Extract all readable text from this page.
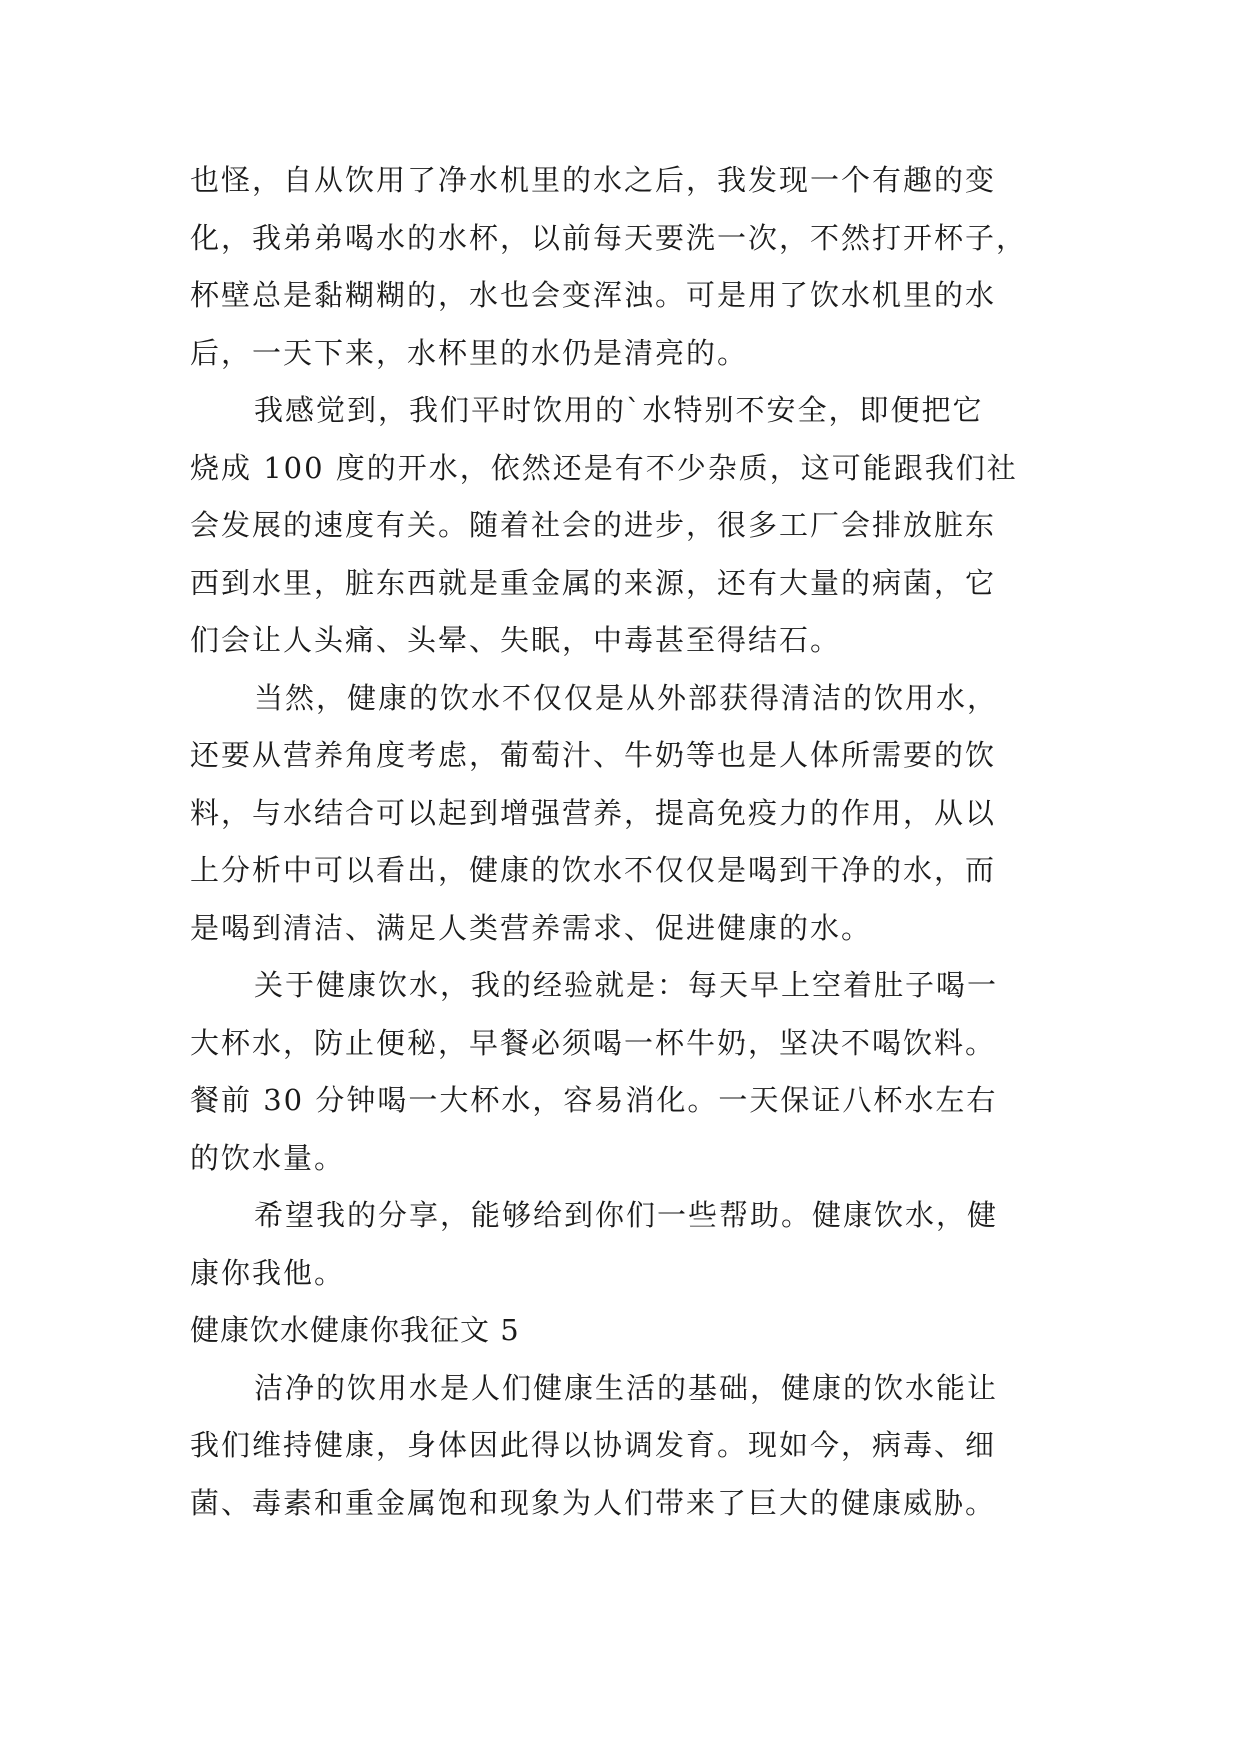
也怪，自从饮用了净水机里的水之后，我发现一个有趣的变
化，我弟弟喝水的水杯，以前每天要洗一次，不然打开杯子，
杯壁总是黏糊糊的，水也会变浑浊。可是用了饮水机里的水
后，一天下来，水杯里的水仍是清亮的。
我感觉到，我们平时饮用的`水特别不安全，即便把它
烧成 100 度的开水，依然还是有不少杂质，这可能跟我们社
会发展的速度有关。随着社会的进步，很多工厂会排放脏东
西到水里，脏东西就是重金属的来源，还有大量的病菌，它
们会让人头痛、头晕、失眠，中毒甚至得结石。
当然，健康的饮水不仅仅是从外部获得清洁的饮用水，
还要从营养角度考虑，葡萄汁、牛奶等也是人体所需要的饮
料，与水结合可以起到增强营养，提高免疫力的作用，从以
上分析中可以看出，健康的饮水不仅仅是喝到干净的水，而
是喝到清洁、满足人类营养需求、促进健康的水。
关于健康饮水，我的经验就是：每天早上空着肚子喝一
大杯水，防止便秘，早餐必须喝一杯牛奶，坚决不喝饮料。
餐前 30 分钟喝一大杯水，容易消化。一天保证八杯水左右
的饮水量。
希望我的分享，能够给到你们一些帮助。健康饮水，健
康你我他。
健康饮水健康你我征文 5
洁净的饮用水是人们健康生活的基础，健康的饮水能让
我们维持健康，身体因此得以协调发育。现如今，病毒、细
菌、毒素和重金属饱和现象为人们带来了巨大的健康威胁。
